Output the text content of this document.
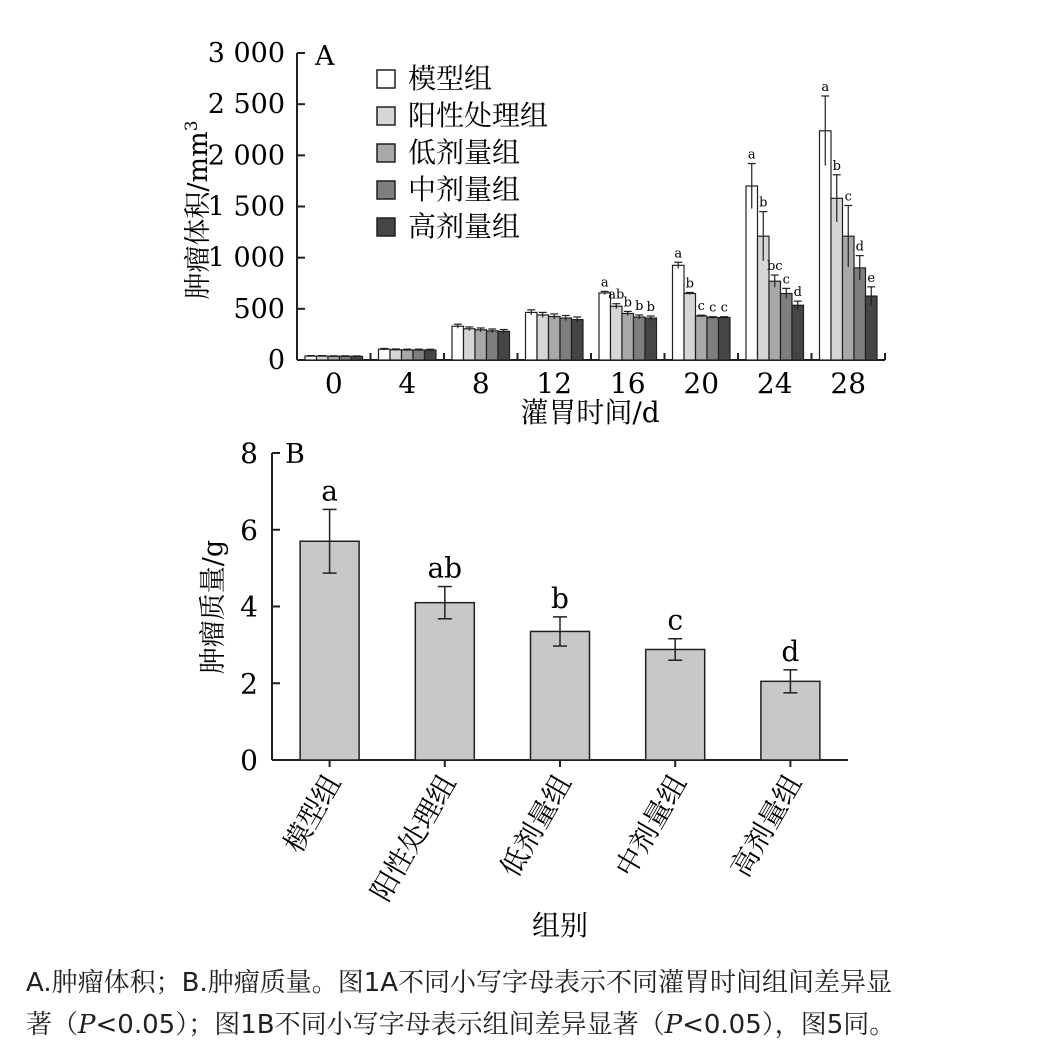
A
0
500
1 000
1 500
2 000
2 500
3 000
0 4 8 12 16 20 24 28
a
ab
b b b
a
b
c c c
a
b
bc
c
d
a
b
c
d
e
模型组
阳性处理组
低剂量组
中剂量组
高剂量组
灌胃时间/d
肿瘤体积$/mm^3$
B
0
2
4
6
8
模型组 阳性处理组 低剂量组 中剂量组 高剂量组
a
ab
b
c
d
组别
肿瘤质量/g
A.肿瘤体积；B.肿瘤质量。图1A不同小写字母表示不同灌胃时间组间差异显
著（P<0.05）；图1B不同小写字母表示组间差异显著（P<0.05），图5同。
